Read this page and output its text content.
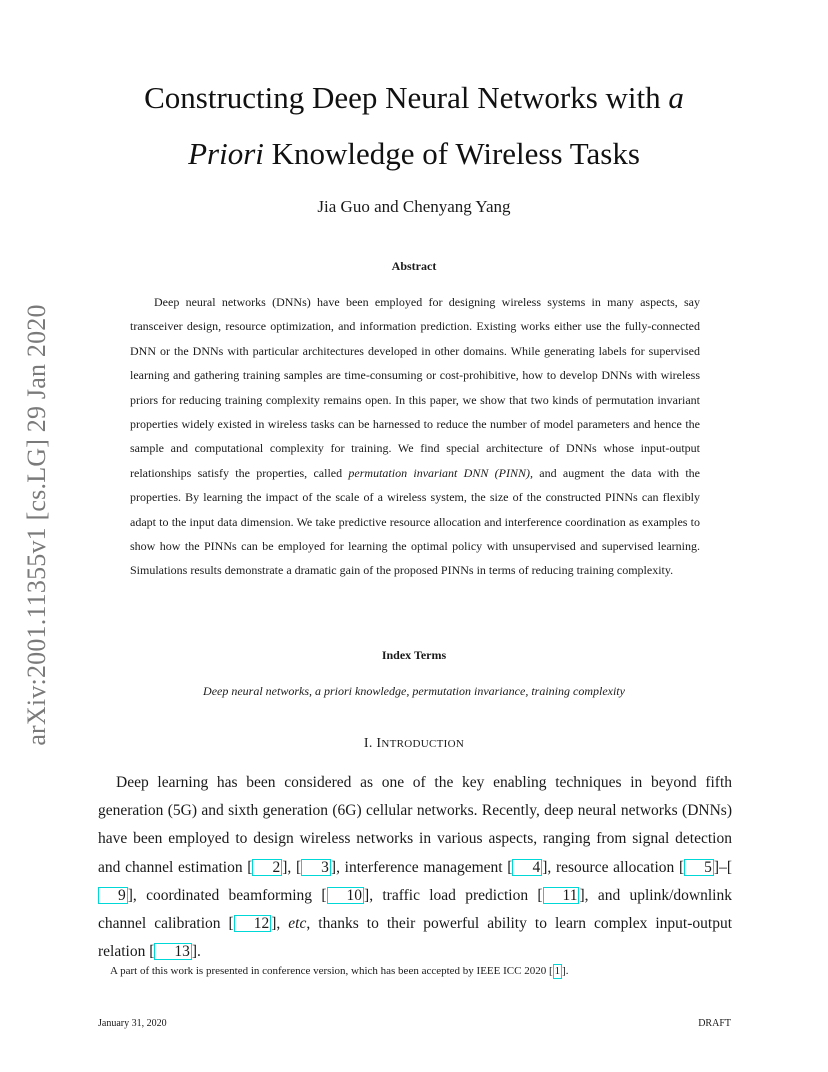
arXiv:2001.11355v1 [cs.LG] 29 Jan 2020
Constructing Deep Neural Networks with a
Priori Knowledge of Wireless Tasks
Jia Guo and Chenyang Yang
Abstract
Deep neural networks (DNNs) have been employed for designing wireless systems in many aspects, say transceiver design, resource optimization, and information prediction. Existing works either use the fully-connected DNN or the DNNs with particular architectures developed in other domains. While generating labels for supervised learning and gathering training samples are time-consuming or cost-prohibitive, how to develop DNNs with wireless priors for reducing training complexity remains open. In this paper, we show that two kinds of permutation invariant properties widely existed in wireless tasks can be harnessed to reduce the number of model parameters and hence the sample and computational complexity for training. We find special architecture of DNNs whose input-output relationships satisfy the properties, called permutation invariant DNN (PINN), and augment the data with the properties. By learning the impact of the scale of a wireless system, the size of the constructed PINNs can flexibly adapt to the input data dimension. We take predictive resource allocation and interference coordination as examples to show how the PINNs can be employed for learning the optimal policy with unsupervised and supervised learning. Simulations results demonstrate a dramatic gain of the proposed PINNs in terms of reducing training complexity.
Index Terms
Deep neural networks, a priori knowledge, permutation invariance, training complexity
I. INTRODUCTION
Deep learning has been considered as one of the key enabling techniques in beyond fifth generation (5G) and sixth generation (6G) cellular networks. Recently, deep neural networks (DNNs) have been employed to design wireless networks in various aspects, ranging from signal detection and channel estimation [ 2 ], [ 3 ], interference management [ 4 ], resource allocation [ 5 ]–[9 ], coordinated beamforming [ 10 ], traffic load prediction [ 11 ], and uplink/downlink channel calibration [ 12 ], etc, thanks to their powerful ability to learn complex input-output relation [ 13 ].
A part of this work is presented in conference version, which has been accepted by IEEE ICC 2020 [ 1 ].
January 31, 2020	DRAFT
